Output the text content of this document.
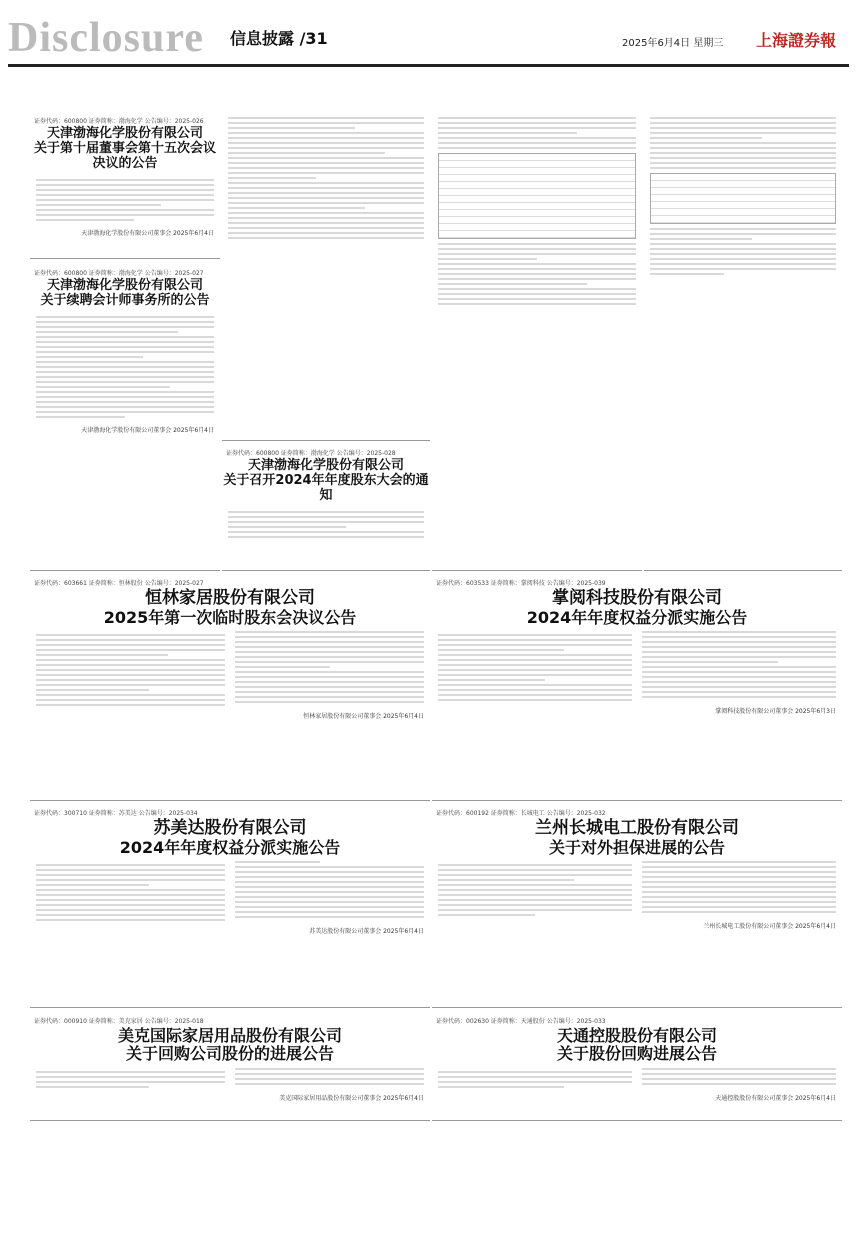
Disclosure 信息披露 /31	2025年6月4日 星期三 上海證券報
证券代码：600800 证券简称：渤海化学 公告编号：2025-026
天津渤海化学股份有限公司
关于第十届董事会第十五次会议决议的公告
天津渤海化学股份有限公司董事会 2025年6月4日
证券代码：600800 证券简称：渤海化学 公告编号：2025-027
天津渤海化学股份有限公司
关于续聘会计师事务所的公告
天津渤海化学股份有限公司董事会 2025年6月4日
证券代码：600800 证券简称：渤海化学 公告编号：2025-028
天津渤海化学股份有限公司
关于召开2024年年度股东大会的通知
证券代码：603661 证券简称：恒林股份 公告编号：2025-027
恒林家居股份有限公司
2025年第一次临时股东会决议公告
恒林家居股份有限公司董事会 2025年6月4日
证券代码：603533 证券简称：掌阅科技 公告编号：2025-039
掌阅科技股份有限公司
2024年年度权益分派实施公告
掌阅科技股份有限公司董事会 2025年6月3日
证券代码：300710 证券简称：苏美达 公告编号：2025-034
苏美达股份有限公司
2024年年度权益分派实施公告
苏美达股份有限公司董事会 2025年6月4日
证券代码：600192 证券简称：长城电工 公告编号：2025-032
兰州长城电工股份有限公司
关于对外担保进展的公告
兰州长城电工股份有限公司董事会 2025年6月4日
证券代码：000910 证券简称：美克家居 公告编号：2025-018
美克国际家居用品股份有限公司
关于回购公司股份的进展公告
美克国际家居用品股份有限公司董事会 2025年6月4日
证券代码：002630 证券简称：天通股份 公告编号：2025-033
天通控股股份有限公司
关于股份回购进展公告
天通控股股份有限公司董事会 2025年6月4日
